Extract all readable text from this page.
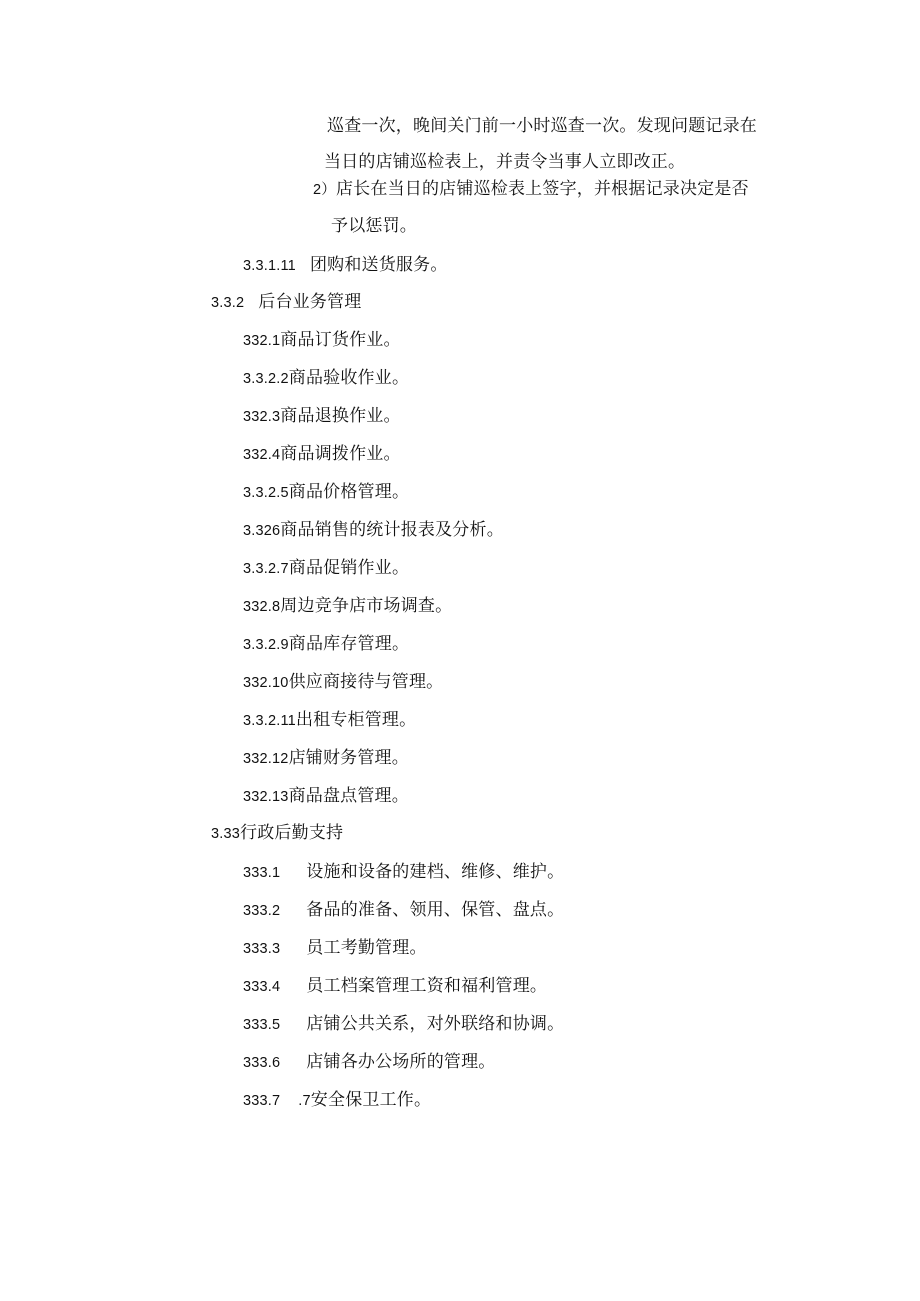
巡查一次，晚间关门前一小时巡查一次。发现问题记录在
当日的店铺巡检表上，并责令当事人立即改正。
2）店长在当日的店铺巡检表上签字，并根据记录决定是否
予以惩罚。
3.3.1.11 团购和送货服务。
3.3.2 后台业务管理
332.1商品订货作业。
3.3.2.2商品验收作业。
332.3商品退换作业。
332.4商品调拨作业。
3.3.2.5商品价格管理。
3.326商品销售的统计报表及分析。
3.3.2.7商品促销作业。
332.8周边竞争店市场调查。
3.3.2.9商品库存管理。
332.10供应商接待与管理。
3.3.2.11出租专柜管理。
332.12店铺财务管理。
332.13商品盘点管理。
3.33行政后勤支持
333.1 设施和设备的建档、维修、维护。
333.2 备品的准备、领用、保管、盘点。
333.3 员工考勤管理。
333.4 员工档案管理工资和福利管理。
333.5 店铺公共关系，对外联络和协调。
333.6 店铺各办公场所的管理。
333.7 .7安全保卫工作。
